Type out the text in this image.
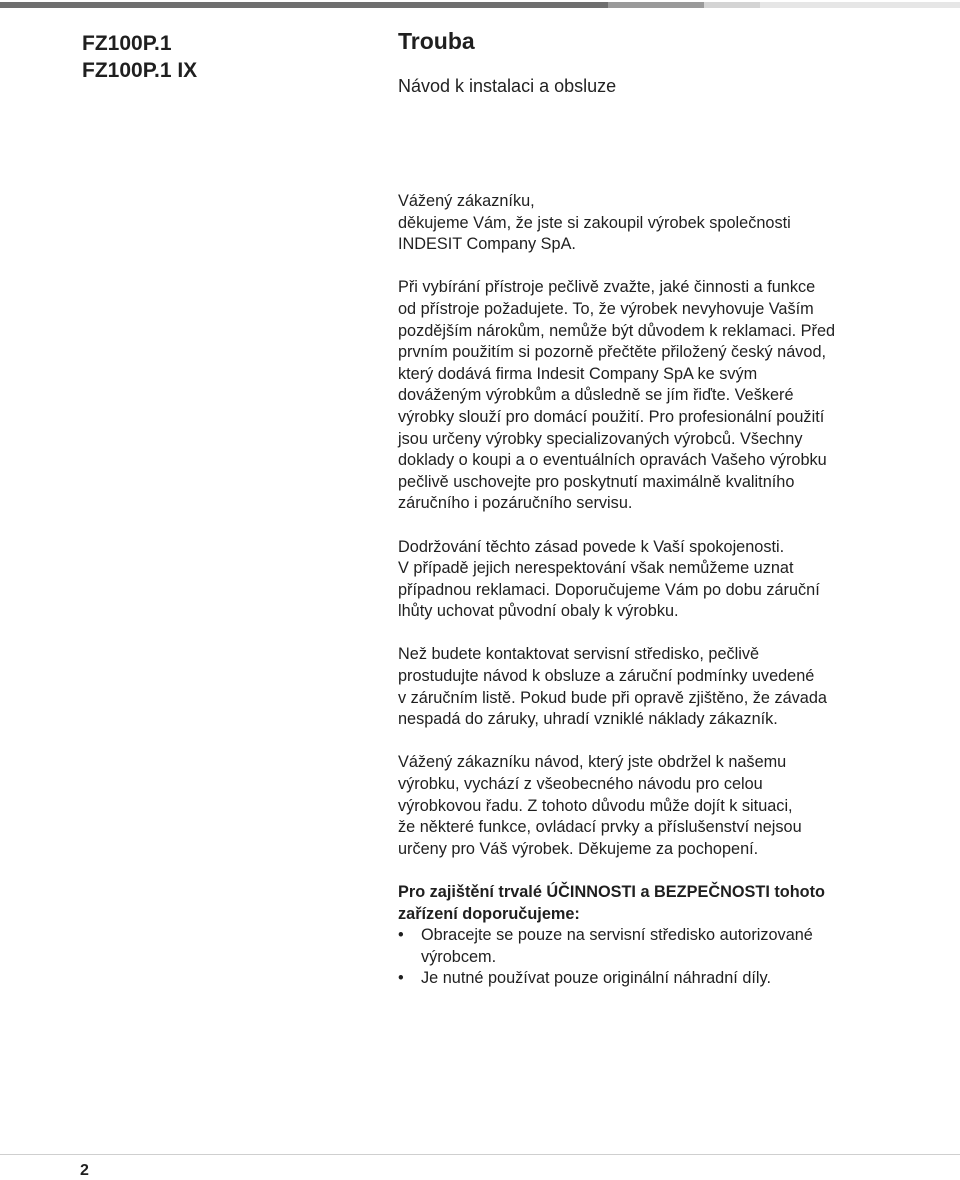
FZ100P.1
FZ100P.1 IX
Trouba
Návod k instalaci a obsluze

Vážený zákazníku,
děkujeme Vám, že jste si zakoupil výrobek společnosti
INDESIT Company SpA.

Při vybírání přístroje pečlivě zvažte, jaké činnosti a funkce
od přístroje požadujete. To, že výrobek nevyhovuje Vaším
pozdějším nárokům, nemůže být důvodem k reklamaci. Před
prvním použitím si pozorně přečtěte přiložený český návod,
který dodává firma Indesit Company SpA ke svým
dováženým výrobkům a důsledně se jím řiďte. Veškeré
výrobky slouží pro domácí použití. Pro profesionální použití
jsou určeny výrobky specializovaných výrobců. Všechny
doklady o koupi a o eventuálních opravách Vašeho výrobku
pečlivě uschovejte pro poskytnutí maximálně kvalitního
záručního i pozáručního servisu.

Dodržování těchto zásad povede k Vaší spokojenosti.
V případě jejich nerespektování však nemůžeme uznat
případnou reklamaci. Doporučujeme Vám po dobu záruční
lhůty uchovat původní obaly k výrobku.

Než budete kontaktovat servisní středisko, pečlivě
prostudujte návod k obsluze a záruční podmínky uvedené
v záručním listě. Pokud bude při opravě zjištěno, že závada
nespadá do záruky, uhradí vzniklé náklady zákazník.

Vážený zákazníku návod, který jste obdržel k našemu
výrobku, vychází z všeobecného návodu pro celou
výrobkovou řadu. Z tohoto důvodu může dojít k situaci,
že některé funkce, ovládací prvky a příslušenství nejsou
určeny pro Váš výrobek. Děkujeme za pochopení.

Pro zajištění trvalé ÚČINNOSTI a BEZPEČNOSTI tohoto
zařízení doporučujeme:

• Obracejte se pouze na servisní středisko autorizované
výrobcem.
• Je nutné používat pouze originální náhradní díly.
2
